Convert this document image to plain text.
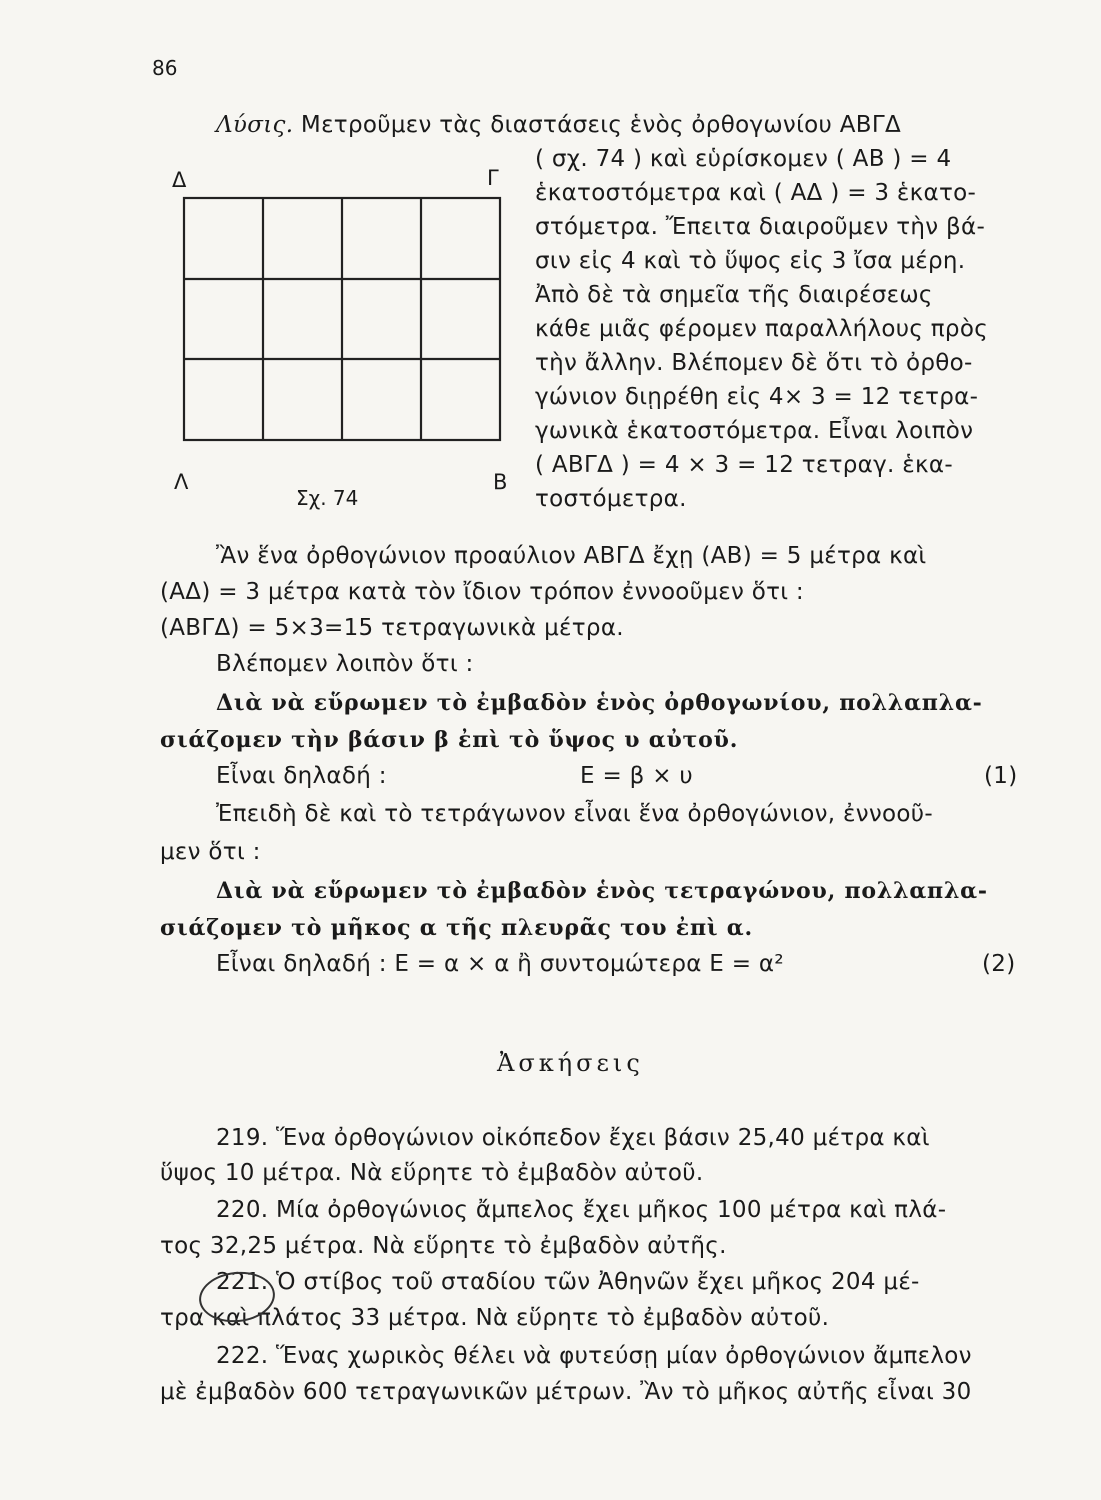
86
Δ	Γ
Λ	Β
Σχ. 74
Λύσις. Μετροῦμεν τὰς διαστάσεις ἑνὸς ὀρθογωνίου ΑΒΓΔ
( σχ. 74 ) καὶ εὑρίσκομεν ( ΑΒ ) = 4
ἑκατοστόμετρα καὶ ( ΑΔ ) = 3 ἑκατο-
στόμετρα. Ἔπειτα διαιροῦμεν τὴν βά-
σιν εἰς 4 καὶ τὸ ὕψος εἰς 3 ἴσα μέρη.
Ἀπὸ δὲ τὰ σημεῖα τῆς διαιρέσεως
κάθε μιᾶς φέρομεν παραλλήλους πρὸς
τὴν ἄλλην. Βλέπομεν δὲ ὅτι τὸ ὀρθο-
γώνιον διῃρέθη εἰς 4× 3 = 12 τετρα-
γωνικὰ ἑκατοστόμετρα. Εἶναι λοιπὸν
( ΑΒΓΔ ) = 4 × 3 = 12 τετραγ. ἑκα-
τοστόμετρα.
Ἂν ἕνα ὀρθογώνιον προαύλιον ΑΒΓΔ ἔχῃ (ΑΒ) = 5 μέτρα καὶ
(ΑΔ) = 3 μέτρα κατὰ τὸν ἴδιον τρόπον ἐννοοῦμεν ὅτι :
(ΑΒΓΔ) = 5×3=15 τετραγωνικὰ μέτρα.
Βλέπομεν λοιπὸν ὅτι :
Διὰ νὰ εὕρωμεν τὸ ἐμβαδὸν ἑνὸς ὀρθογωνίου, πολλαπλα-
σιάζομεν τὴν βάσιν β ἐπὶ τὸ ὕψος υ αὐτοῦ.
Εἶναι δηλαδή :	Ε = β × υ	(1)
Ἐπειδὴ δὲ καὶ τὸ τετράγωνον εἶναι ἕνα ὀρθογώνιον, ἐννοοῦ-
μεν ὅτι :
Διὰ νὰ εὕρωμεν τὸ ἐμβαδὸν ἑνὸς τετραγώνου, πολλαπλα-
σιάζομεν τὸ μῆκος α τῆς πλευρᾶς του ἐπὶ α.
Εἶναι δηλαδή : Ε = α × α ἢ συντομώτερα Ε = α²	(2)
Ἀσκήσεις
219. Ἕνα ὀρθογώνιον οἰκόπεδον ἔχει βάσιν 25,40 μέτρα καὶ
ὕψος 10 μέτρα. Νὰ εὕρητε τὸ ἐμβαδὸν αὐτοῦ.
220. Μία ὀρθογώνιος ἄμπελος ἔχει μῆκος 100 μέτρα καὶ πλά-
τος 32,25 μέτρα. Νὰ εὕρητε τὸ ἐμβαδὸν αὐτῆς.
221. Ὁ στίβος τοῦ σταδίου τῶν Ἀθηνῶν ἔχει μῆκος 204 μέ-
τρα καὶ πλάτος 33 μέτρα. Νὰ εὕρητε τὸ ἐμβαδὸν αὐτοῦ.
222. Ἕνας χωρικὸς θέλει νὰ φυτεύσῃ μίαν ὀρθογώνιον ἄμπελον
μὲ ἐμβαδὸν 600 τετραγωνικῶν μέτρων. Ἂν τὸ μῆκος αὐτῆς εἶναι 30
